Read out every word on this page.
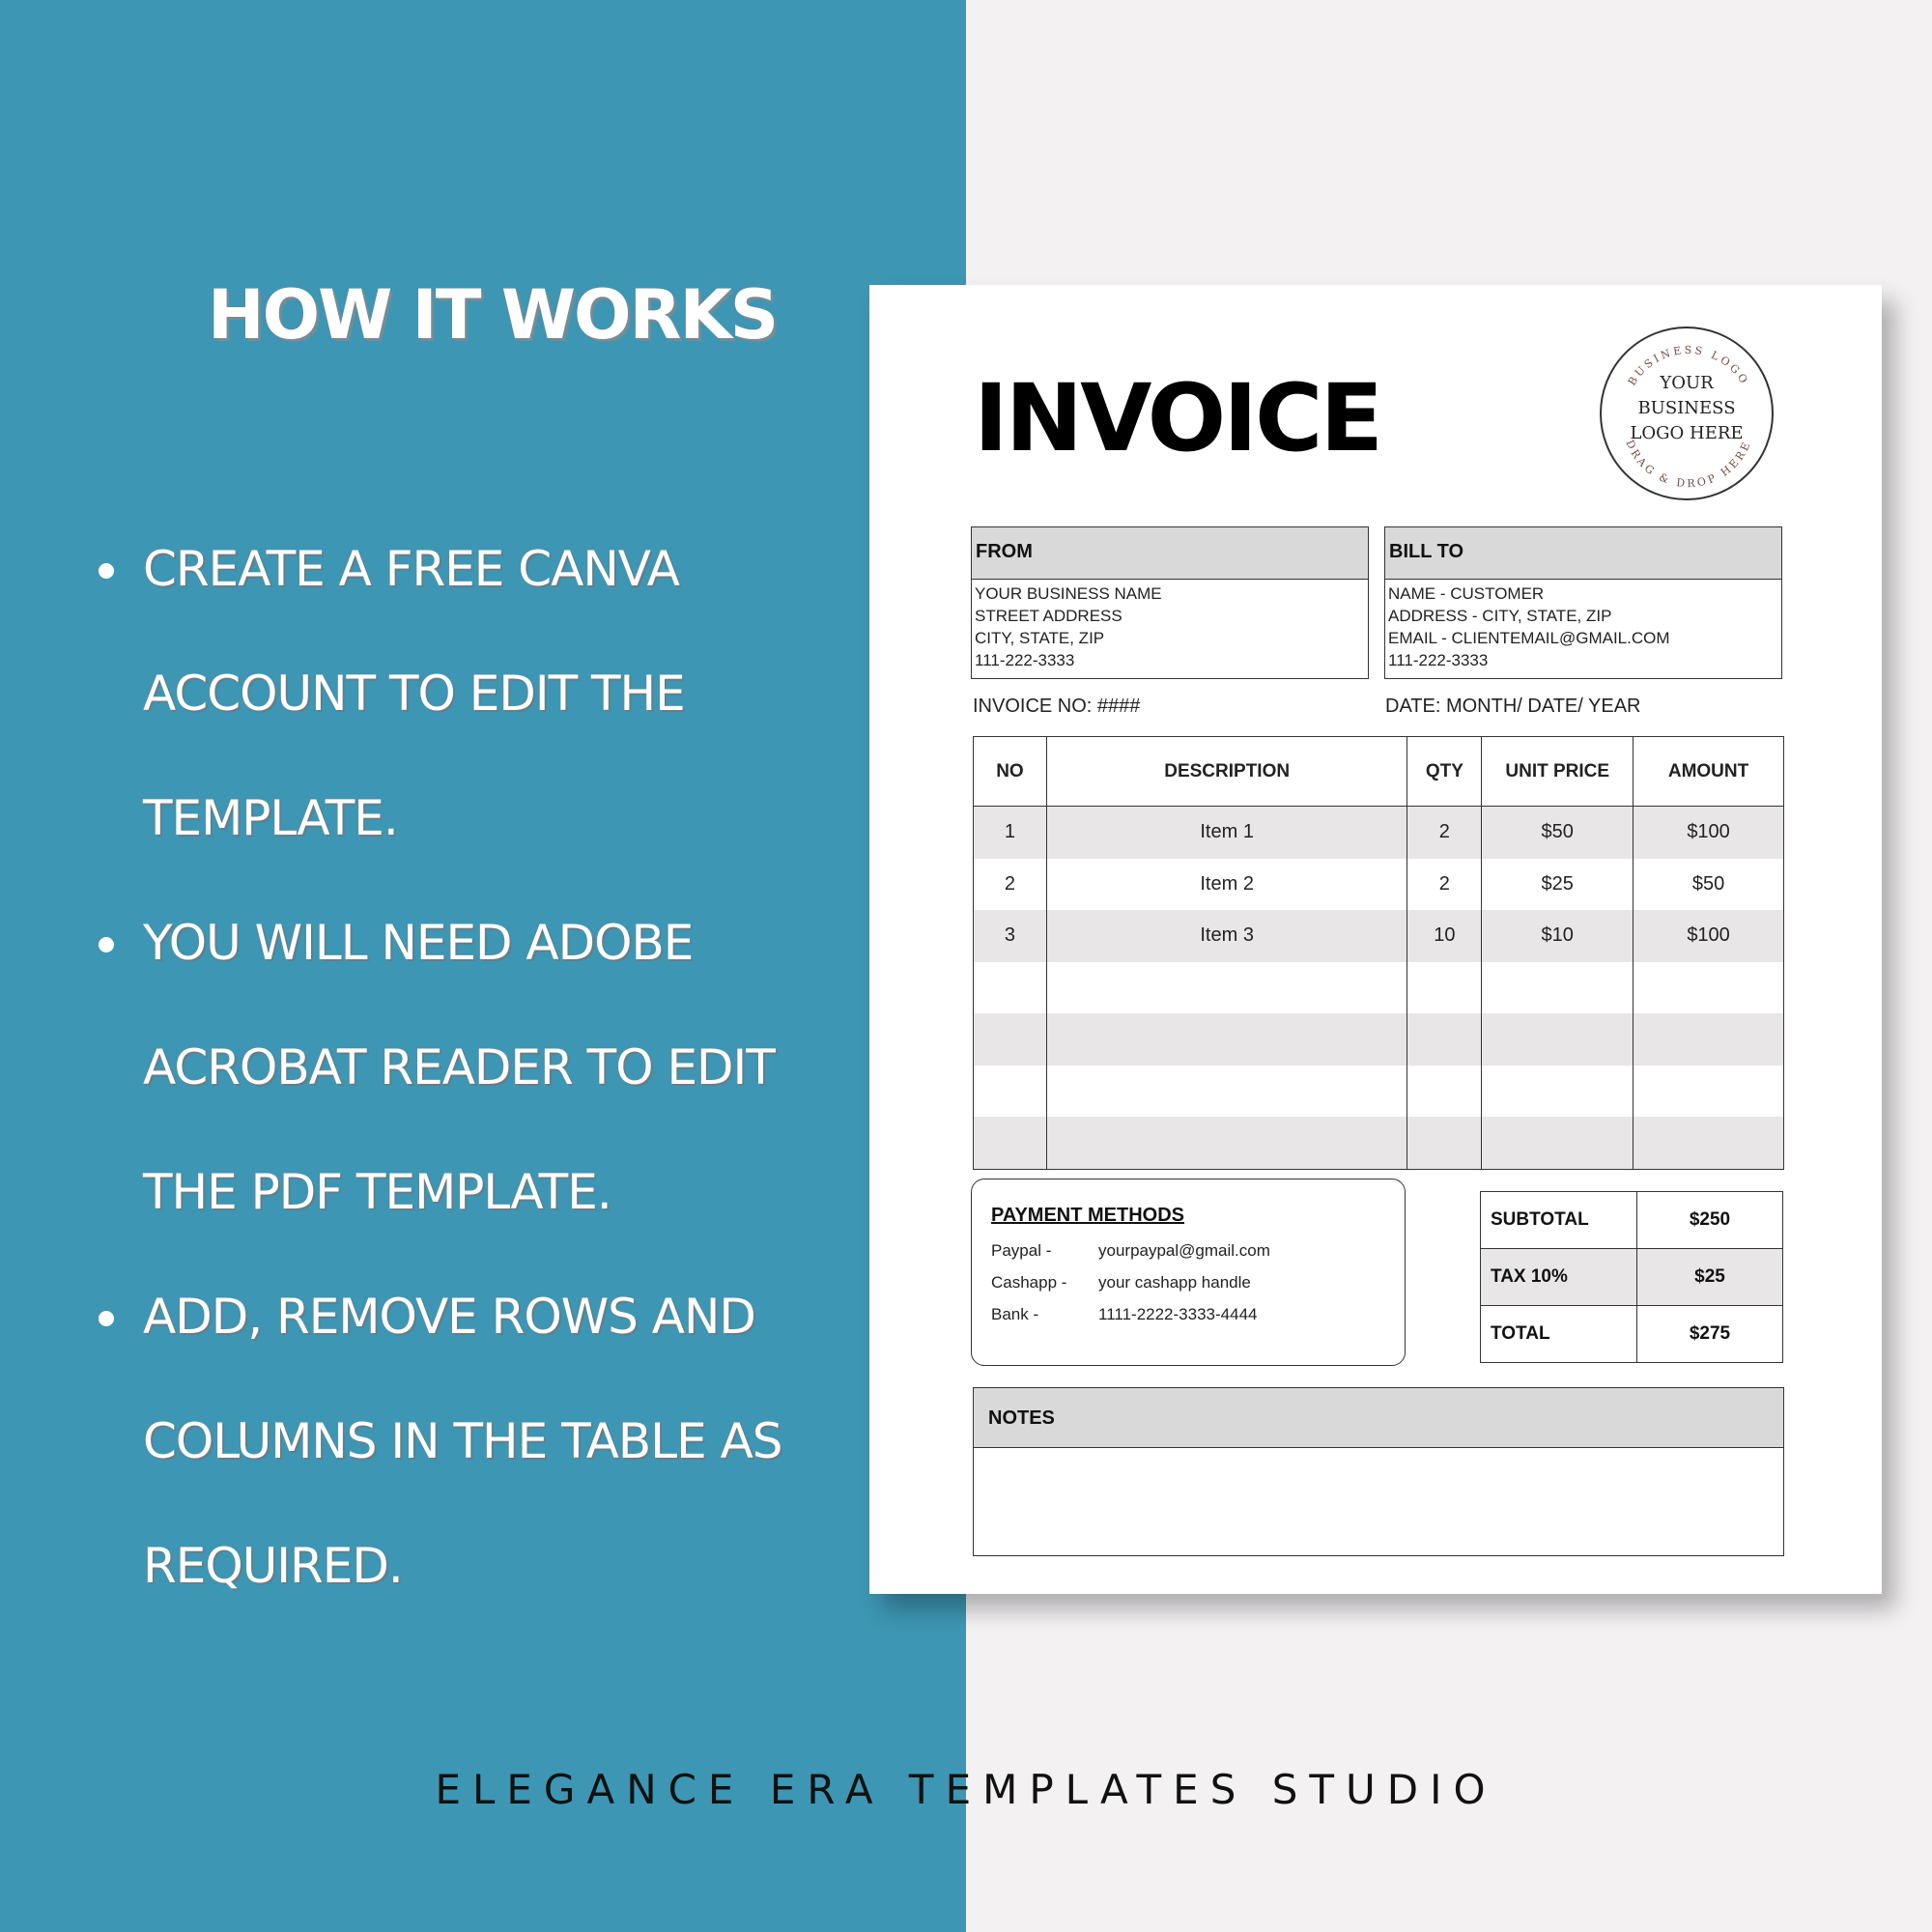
HOW IT WORKS
CREATE A FREE CANVA ACCOUNT TO EDIT THE TEMPLATE.
YOU WILL NEED ADOBE ACROBAT READER TO EDIT THE PDF TEMPLATE.
ADD, REMOVE ROWS AND COLUMNS IN THE TABLE AS REQUIRED.
INVOICE	BUSINESS LOGO
DRAG & DROP HERE
YOUR
BUSINESS
LOGO HERE
FROM
YOUR BUSINESS NAME
STREET ADDRESS
CITY, STATE, ZIP
111-222-3333
BILL TO
NAME - CUSTOMER
ADDRESS - CITY, STATE, ZIP
EMAIL - CLIENTEMAIL@GMAIL.COM
111-222-3333
INVOICE NO: ####	DATE: MONTH/ DATE/ YEAR
NO	DESCRIPTION	QTY	UNIT PRICE	AMOUNT
1	Item 1	2	$50	$100
2	Item 2	2	$25	$50
3	Item 3	10	$10	$100

PAYMENT METHODS
Paypal -	yourpaypal@gmail.com
Cashapp - your cashapp handle
Bank -	1111-2222-3333-4444
SUBTOTAL	$250
TAX 10%	$25
TOTAL	$275
NOTES
ELEGANCE ERA TEMPLATES STUDIO
